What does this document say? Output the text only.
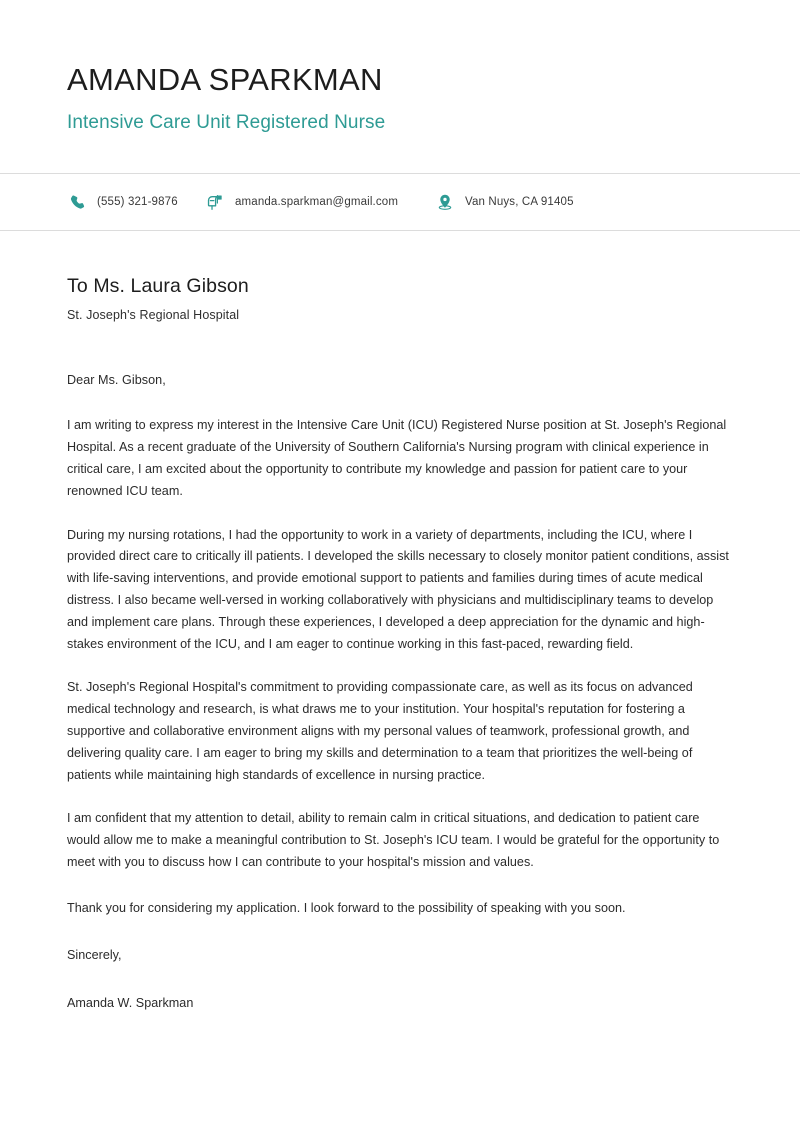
AMANDA SPARKMAN
Intensive Care Unit Registered Nurse
(555) 321-9876	amanda.sparkman@gmail.com	Van Nuys, CA 91405
To Ms. Laura Gibson
St. Joseph's Regional Hospital

Dear Ms. Gibson,

I am writing to express my interest in the Intensive Care Unit (ICU) Registered Nurse position at St. Joseph's Regional Hospital. As a recent graduate of the University of Southern California's Nursing program with clinical experience in critical care, I am excited about the opportunity to contribute my knowledge and passion for patient care to your renowned ICU team.

During my nursing rotations, I had the opportunity to work in a variety of departments, including the ICU, where I provided direct care to critically ill patients. I developed the skills necessary to closely monitor patient conditions, assist with life-saving interventions, and provide emotional support to patients and families during times of acute medical distress. I also became well-versed in working collaboratively with physicians and multidisciplinary teams to develop and implement care plans. Through these experiences, I developed a deep appreciation for the dynamic and high-stakes environment of the ICU, and I am eager to continue working in this fast-paced, rewarding field.

St. Joseph's Regional Hospital's commitment to providing compassionate care, as well as its focus on advanced medical technology and research, is what draws me to your institution. Your hospital's reputation for fostering a supportive and collaborative environment aligns with my personal values of teamwork, professional growth, and delivering quality care. I am eager to bring my skills and determination to a team that prioritizes the well-being of patients while maintaining high standards of excellence in nursing practice.

I am confident that my attention to detail, ability to remain calm in critical situations, and dedication to patient care would allow me to make a meaningful contribution to St. Joseph's ICU team. I would be grateful for the opportunity to meet with you to discuss how I can contribute to your hospital's mission and values.

Thank you for considering my application. I look forward to the possibility of speaking with you soon.

Sincerely,

Amanda W. Sparkman
